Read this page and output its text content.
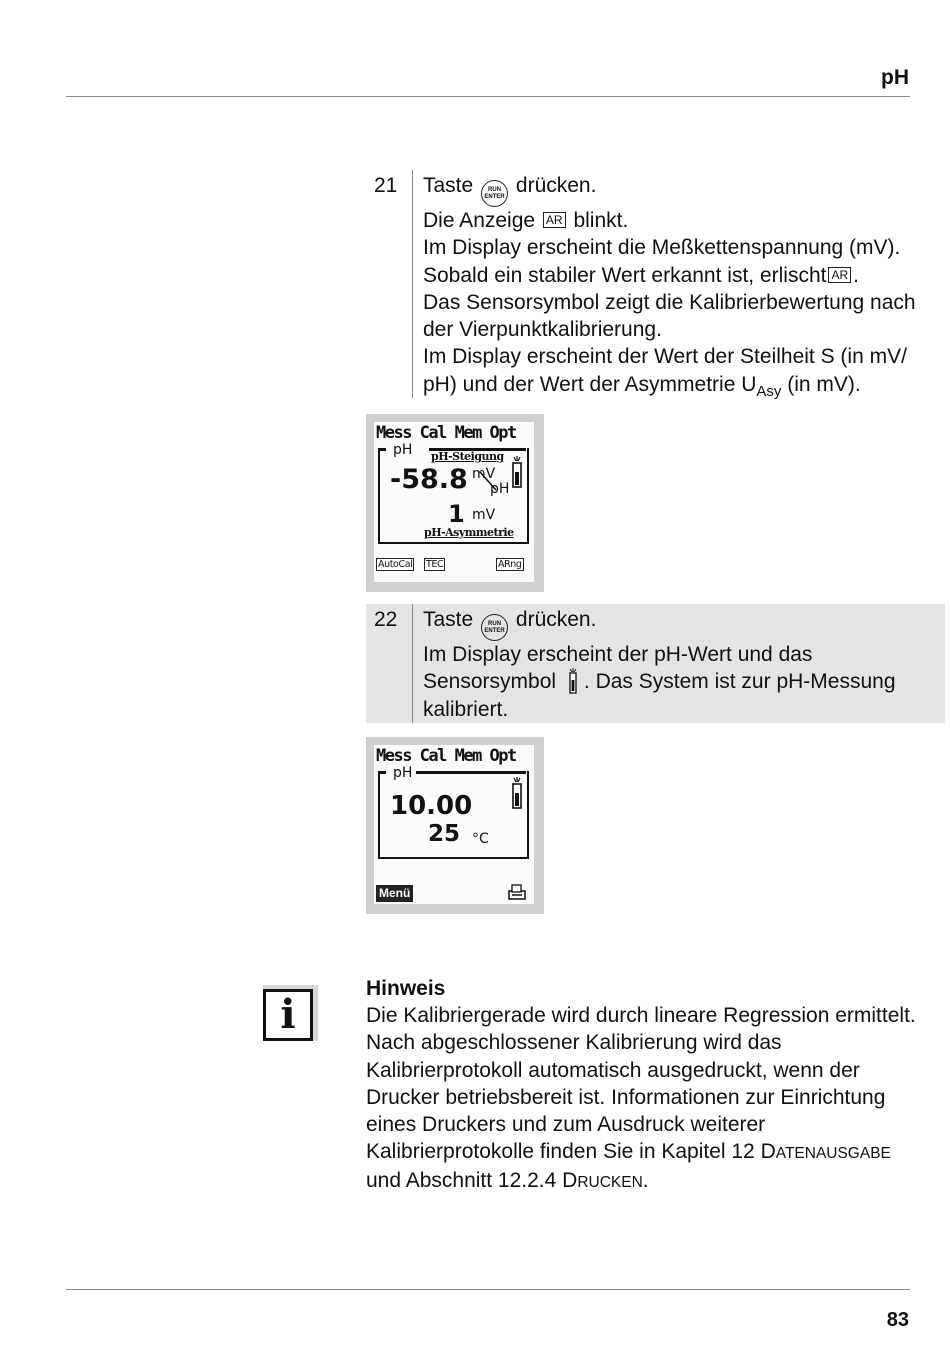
pH
21 Taste RUN
ENTER drücken.
Die Anzeige AR blinkt.
Im Display erscheint die Meßkettenspannung (mV).
Sobald ein stabiler Wert erkannt ist, erlischt AR .
Das Sensorsymbol zeigt die Kalibrierbewertung nach
der Vierpunktkalibrierung.
Im Display erscheint der Wert der Steilheit S (in mV/
pH) und der Wert der Asymmetrie $U_{Asy}$ (in mV).
Mess Cal Mem Opt
pH pH-Steigung
-58.8 mV
pH
1 mV
pH-Asymmetrie
AutoCal TEC	ARng
22 Taste RUN
ENTER drücken.
Im Display erscheint der pH-Wert und das
Sensorsymbol . Das System ist zur pH-Messung
kalibriert.
Mess Cal Mem Opt
pH
10.00
25 °C
Menü
i
Hinweis
Die Kalibriergerade wird durch lineare Regression ermittelt.
Nach abgeschlossener Kalibrierung wird das
Kalibrierprotokoll automatisch ausgedruckt, wenn der
Drucker betriebsbereit ist. Informationen zur Einrichtung
eines Druckers und zum Ausdruck weiterer
Kalibrierprotokolle finden Sie in Kapitel 12 DATENAUSGABE
und Abschnitt 12.2.4 DRUCKEN.
83
